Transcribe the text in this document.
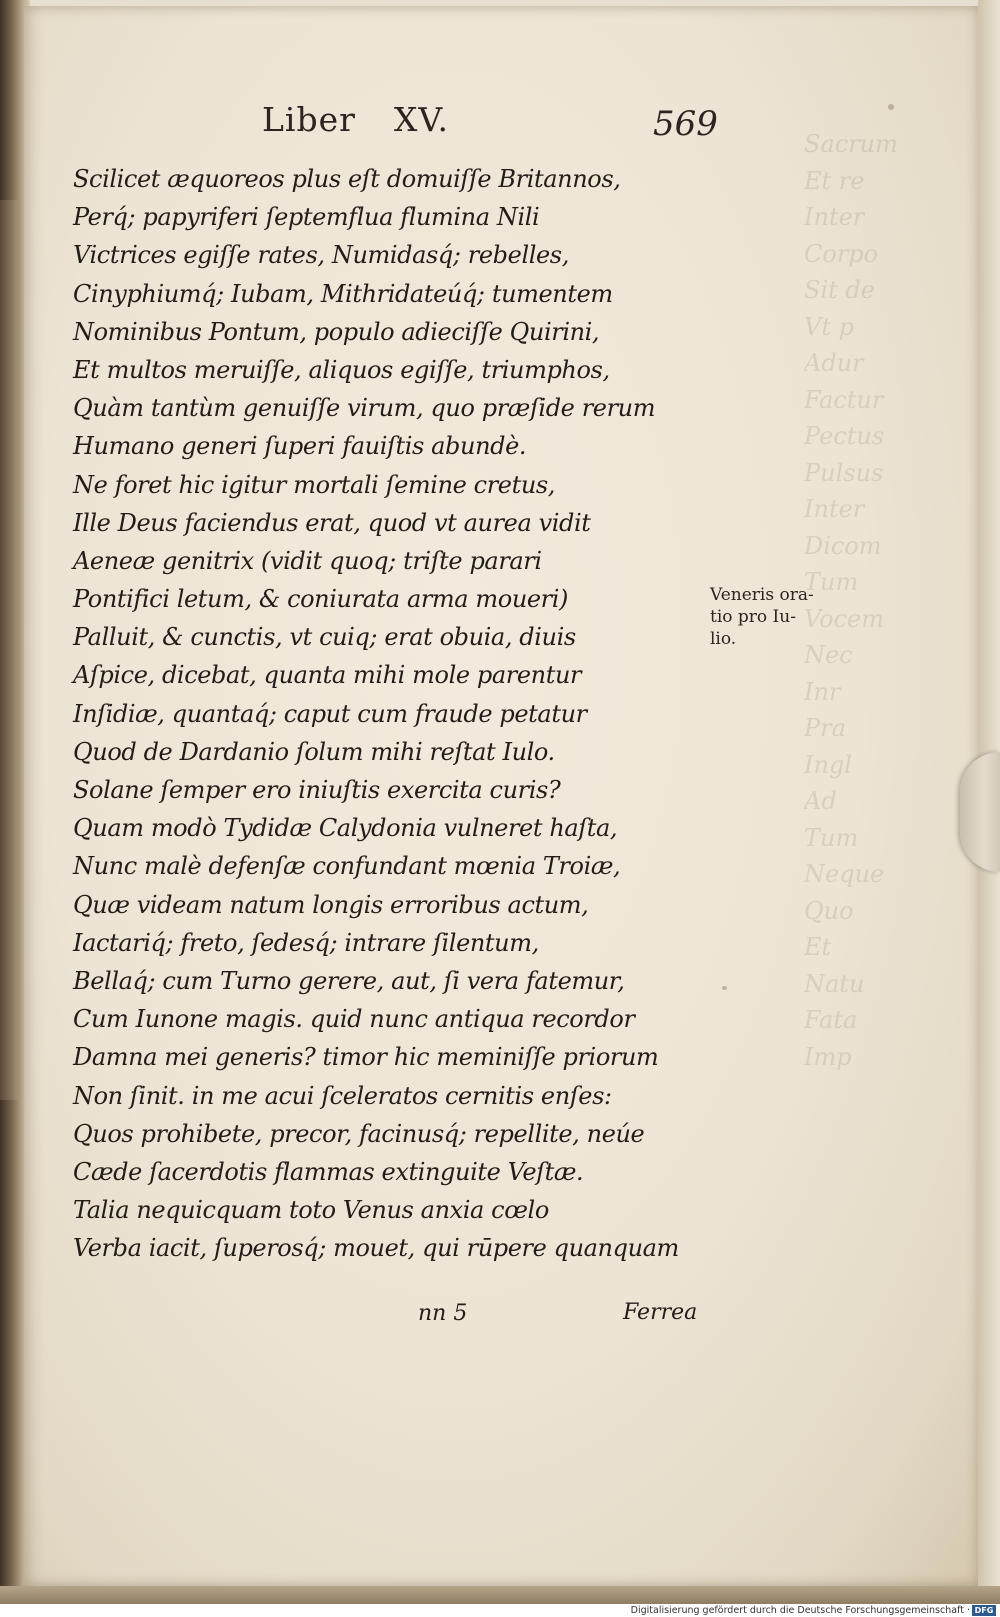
Sacrum
Et re
Inter
Corpo
Sit de
Vt p
Adur
Factur
Pectus
Pulsus
Inter
Dicom
Tum
Vocem
Nec
Inr
Pra
Ingl
Ad
Tum
Neque
Quo
Et
Natu
Fata
Imp
Liber XV.	569
Scilicet æquoreos plus eſt domuiſſe Britannos,
Perq́; papyriferi ſeptemflua flumina Nili
Victrices egiſſe rates, Numidasq́; rebelles,
Cinyphiumq́; Iubam, Mithridateúq́; tumentem
Nominibus Pontum, populo adieciſſe Quirini,
Et multos meruiſſe, aliquos egiſſe, triumphos,
Quàm tantùm genuiſſe virum, quo præſide rerum
Humano generi ſuperi fauiſtis abundè.
Ne foret hic igitur mortali ſemine cretus,
Ille Deus faciendus erat, quod vt aurea vidit
Aeneæ genitrix (vidit quoq; triſte parari
Pontifici letum, & coniurata arma moueri)
Palluit, & cunctis, vt cuiq; erat obuia, diuis
Aſpice, dicebat, quanta mihi mole parentur
Inſidiæ, quantaq́; caput cum fraude petatur
Quod de Dardanio ſolum mihi reſtat Iulo.
Solane ſemper ero iniuſtis exercita curis?
Quam modò Tydidæ Calydonia vulneret haſta,
Nunc malè defenſæ confundant mœnia Troiæ,
Quæ videam natum longis erroribus actum,
Iactariq́; freto, ſedesq́; intrare ſilentum,
Bellaq́; cum Turno gerere, aut, ſi vera fatemur,
Cum Iunone magis. quid nunc antiqua recordor
Damna mei generis? timor hic meminiſſe priorum
Non ſinit. in me acui ſceleratos cernitis enſes:
Quos prohibete, precor, facinusq́; repellite, neúe
Cæde ſacerdotis flammas extinguite Veſtæ.
Talia nequicquam toto Venus anxia cœlo
Verba iacit, ſuperosq́; mouet, qui rūpere quanquam
Veneris ora-
tio pro Iu-
lio.
nn 5	Ferrea
Digitalisierung gefördert durch die Deutsche Forschungsgemeinschaft · DFG
